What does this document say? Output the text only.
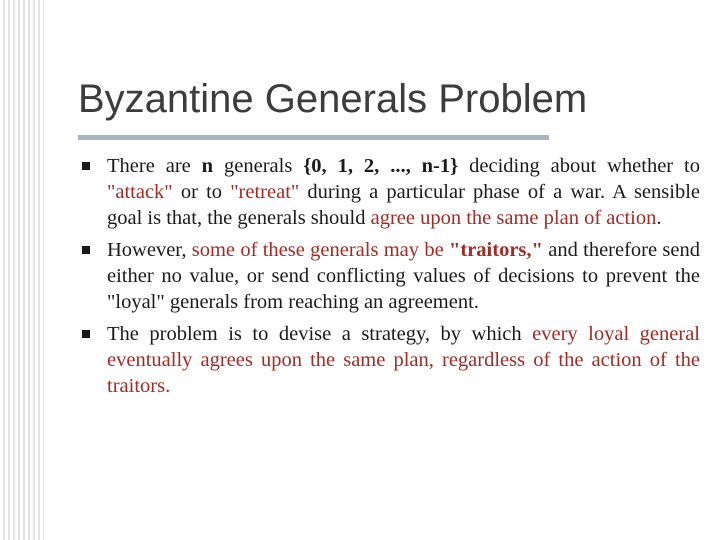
Byzantine Generals Problem
There are n generals {0, 1, 2, ..., n-1} deciding about whether to "attack" or to "retreat" during a particular phase of a war. A sensible goal is that, the generals should agree upon the same plan of action.
However, some of these generals may be "traitors," and therefore send either no value, or send conflicting values of decisions to prevent the "loyal" generals from reaching an agreement.
The problem is to devise a strategy, by which every loyal general eventually agrees upon the same plan, regardless of the action of the traitors.
